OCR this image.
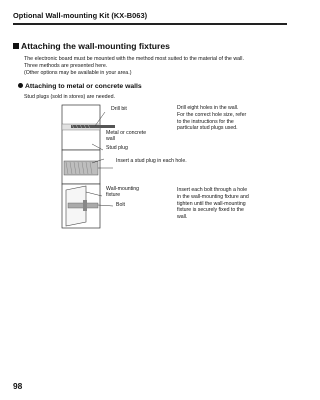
Optional Wall-mounting Kit (KX-B063)
Attaching the wall-mounting fixtures
The electronic board must be mounted with the method most suited to the material of the wall.
Three methods are presented here.
(Other options may be available in your area.)
Attaching to metal or concrete walls
Stud plugs (sold in stores) are needed.
Drill bit
Metal or concrete
wall
Drill eight holes in the wall.
For the correct hole size, refer
to the instructions for the
particular stud plugs used.
Stud plug
Insert a stud plug in each hole.
Wall-mounting
fixture
Bolt
Insert each bolt through a hole
in the wall-mounting fixture and
tighten until the wall-mounting
fixture is securely fixed to the
wall.
98
